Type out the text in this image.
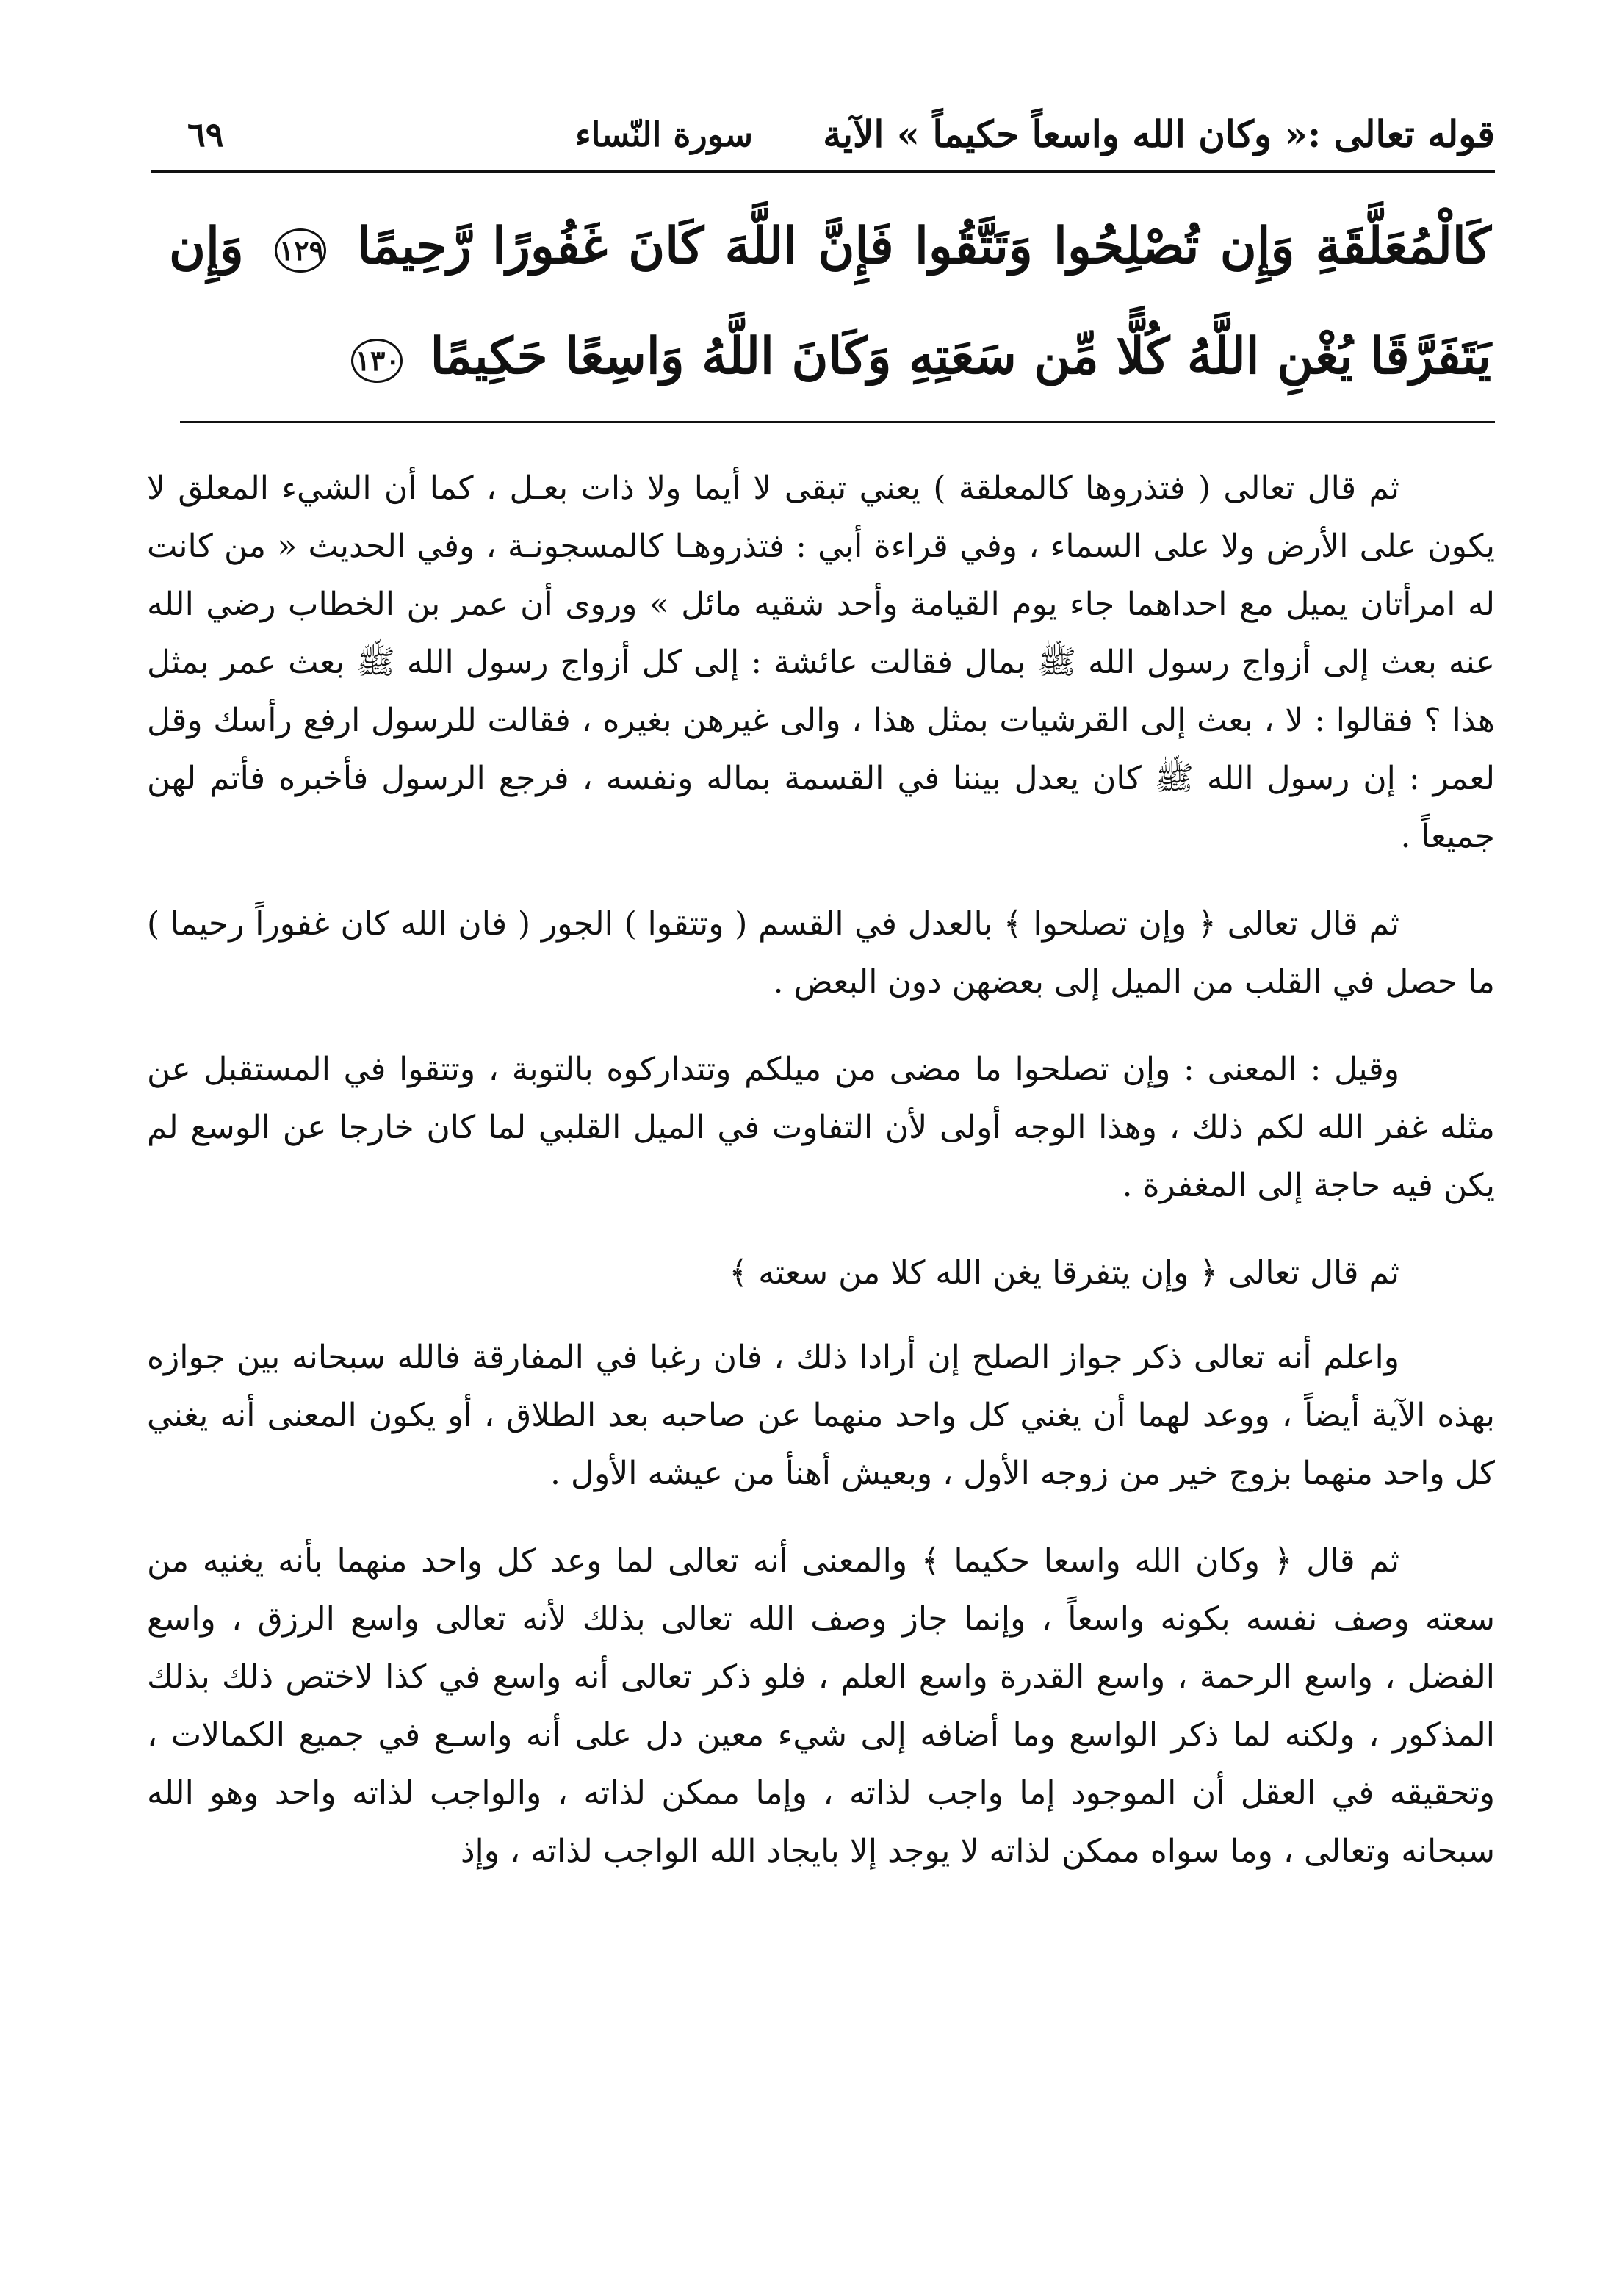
قوله تعالى :« وكان الله واسعاً حكيماً » الآية
سورة النّساء
٦٩
كَالْمُعَلَّقَةِ وَإِن تُصْلِحُوا وَتَتَّقُوا فَإِنَّ اللَّهَ كَانَ غَفُورًا رَّحِيمًا ١٢٩ وَإِن يَتَفَرَّقَا يُغْنِ اللَّهُ كُلًّا مِّن سَعَتِهِ وَكَانَ اللَّهُ وَاسِعًا حَكِيمًا ١٣٠

ثم قال تعالى ( فتذروها كالمعلقة ) يعني تبقى لا أيما ولا ذات بعـل ، كما أن الشيء المعلق لا يكون على الأرض ولا على السماء ، وفي قراءة أبي : فتذروهـا كالمسجونـة ، وفي الحديث « من كانت له امرأتان يميل مع احداهما جاء يوم القيامة وأحد شقيه مائل » وروى أن عمر بن الخطاب رضي الله عنه بعث إلى أزواج رسول الله ﷺ بمال فقالت عائشة : إلى كل أزواج رسول الله ﷺ بعث عمر بمثل هذا ؟ فقالوا : لا ، بعث إلى القرشيات بمثل هذا ، والى غيرهن بغيره ، فقالت للرسول ارفع رأسك وقل لعمر : إن رسول الله ﷺ كان يعدل بيننا في القسمة بماله ونفسه ، فرجع الرسول فأخبره فأتم لهن جميعاً .

ثم قال تعالى ﴿ وإن تصلحوا ﴾ بالعدل في القسم ( وتتقوا ) الجور ( فان الله كان غفوراً رحيما ) ما حصل في القلب من الميل إلى بعضهن دون البعض .

وقيل : المعنى : وإن تصلحوا ما مضى من ميلكم وتتداركوه بالتوبة ، وتتقوا في المستقبل عن مثله غفر الله لكم ذلك ، وهذا الوجه أولى لأن التفاوت في الميل القلبي لما كان خارجا عن الوسع لم يكن فيه حاجة إلى المغفرة .

ثم قال تعالى ﴿ وإن يتفرقا يغن الله كلا من سعته ﴾

واعلم أنه تعالى ذكر جواز الصلح إن أرادا ذلك ، فان رغبا في المفارقة فالله سبحانه بين جوازه بهذه الآية أيضاً ، ووعد لهما أن يغني كل واحد منهما عن صاحبه بعد الطلاق ، أو يكون المعنى أنه يغني كل واحد منهما بزوج خير من زوجه الأول ، وبعيش أهنأ من عيشه الأول .

ثم قال ﴿ وكان الله واسعا حكيما ﴾ والمعنى أنه تعالى لما وعد كل واحد منهما بأنه يغنيه من سعته وصف نفسه بكونه واسعاً ، وإنما جاز وصف الله تعالى بذلك لأنه تعالى واسع الرزق ، واسع الفضل ، واسع الرحمة ، واسع القدرة واسع العلم ، فلو ذكر تعالى أنه واسع في كذا لاختص ذلك بذلك المذكور ، ولكنه لما ذكر الواسع وما أضافه إلى شيء معين دل على أنه واسـع في جميع الكمالات ، وتحقيقه في العقل أن الموجود إما واجب لذاته ، وإما ممكن لذاته ، والواجب لذاته واحد وهو الله سبحانه وتعالى ، وما سواه ممكن لذاته لا يوجد إلا بايجاد الله الواجب لذاته ، وإذ
